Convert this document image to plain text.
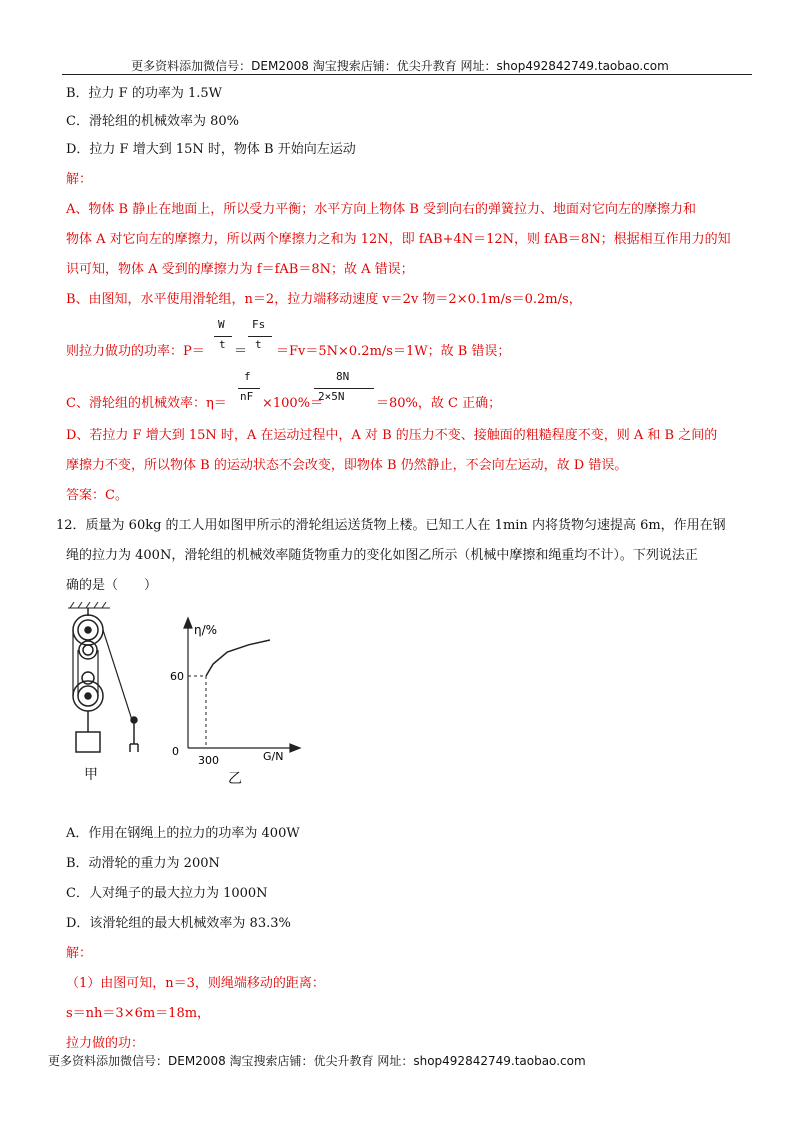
更多资料添加微信号：DEM2008 淘宝搜索店铺：优尖升教育 网址：shop492842749.taobao.com
B．拉力 F 的功率为 1.5W
C．滑轮组的机械效率为 80%
D．拉力 F 增大到 15N 时，物体 B 开始向左运动
解：
A、物体 B 静止在地面上，所以受力平衡；水平方向上物体 B 受到向右的弹簧拉力、地面对它向左的摩擦力和
物体 A 对它向左的摩擦力，所以两个摩擦力之和为 12N，即 fAB+4N＝12N，则 fAB＝8N；根据相互作用力的知
识可知，物体 A 受到的摩擦力为 f＝fAB＝8N；故 A 错误；
B、由图知，水平使用滑轮组，n＝2，拉力端移动速度 v＝2v 物＝2×0.1m/s＝0.2m/s，
则拉力做功的功率：P＝
W
t ＝
Fs
t ＝Fv＝5N×0.2m/s＝1W；故 B 错误；
C、滑轮组的机械效率：η＝
f
nF ×100%＝
8N
2×5N ＝80%，故 C 正确；
D、若拉力 F 增大到 15N 时，A 在运动过程中，A 对 B 的压力不变、接触面的粗糙程度不变，则 A 和 B 之间的
摩擦力不变，所以物体 B 的运动状态不会改变，即物体 B 仍然静止，不会向左运动，故 D 错误。
答案：C。
12．质量为 60kg 的工人用如图甲所示的滑轮组运送货物上楼。已知工人在 1min 内将货物匀速提高 6m，作用在钢
绳的拉力为 400N，滑轮组的机械效率随货物重力的变化如图乙所示（机械中摩擦和绳重均不计）。下列说法正
确的是（　　）
η/%
60
0
300	G/N
甲	乙
A．作用在钢绳上的拉力的功率为 400W
B．动滑轮的重力为 200N
C．人对绳子的最大拉力为 1000N
D．该滑轮组的最大机械效率为 83.3%
解：
（1）由图可知，n＝3，则绳端移动的距离：
s＝nh＝3×6m＝18m，
拉力做的功：
更多资料添加微信号：DEM2008 淘宝搜索店铺：优尖升教育 网址：shop492842749.taobao.com
